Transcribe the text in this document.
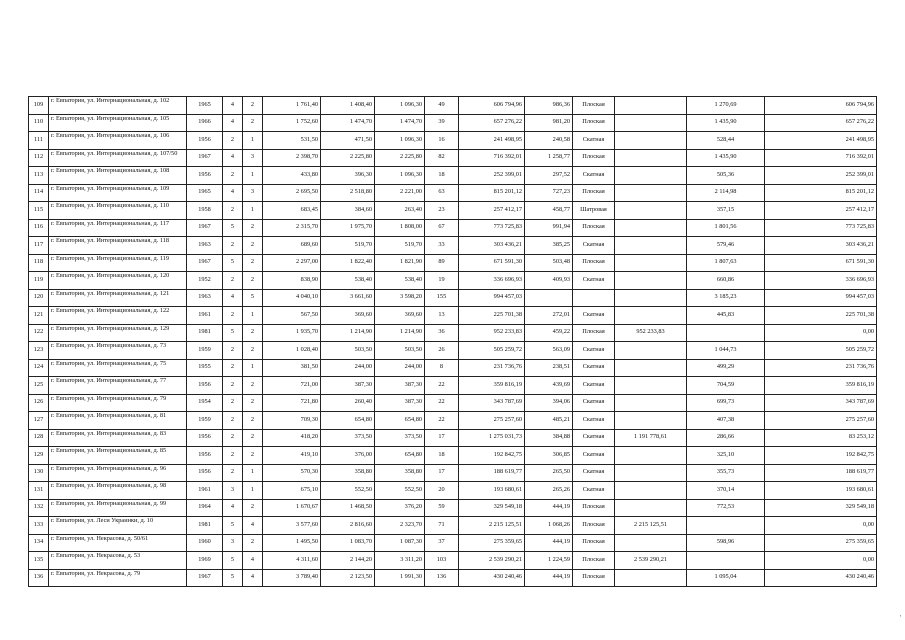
109	г. Евпатория, ул. Интернациональная, д. 102	1965	4	2	1 761,40	1 408,40	1 096,30	49	606 794,96	986,36	Плоская		1 270,69	606 794,96
110	г. Евпатория, ул. Интернациональная, д. 105	1966	4	2	1 752,60	1 474,70	1 474,70	39	657 276,22	981,20	Плоская		1 435,90	657 276,22
111	г. Евпатория, ул. Интернациональная, д. 106	1956	2	1	531,50	471,50	1 096,30	16	241 498,95	240,58	Скатная		528,44	241 498,95
112	г. Евпатория, ул. Интернациональная, д. 107/50	1967	4	3	2 398,70	2 225,80	2 225,80	82	716 392,01	1 258,77	Плоская		1 435,90	716 392,01
113	г. Евпатория, ул. Интернациональная, д. 108	1956	2	1	433,80	396,30	1 096,30	18	252 399,01	297,52	Скатная		505,36	252 399,01
114	г. Евпатория, ул. Интернациональная, д. 109	1965	4	3	2 695,50	2 518,80	2 221,00	63	815 201,12	727,23	Плоская		2 114,98	815 201,12
115	г. Евпатория, ул. Интернациональная, д. 110	1958	2	1	683,45	384,60	263,40	23	257 412,17	458,77	Шатровая		357,15	257 412,17
116	г. Евпатория, ул. Интернациональная, д. 117	1967	5	2	2 315,70	1 975,70	1 808,00	67	773 725,83	991,94	Плоская		1 801,56	773 725,83
117	г. Евпатория, ул. Интернациональная, д. 118	1963	2	2	689,60	519,70	519,70	33	303 436,21	385,25	Скатная		579,46	303 436,21
118	г. Евпатория, ул. Интернациональная, д. 119	1967	5	2	2 297,00	1 822,40	1 821,90	89	671 591,30	503,48	Плоская		1 807,63	671 591,30
119	г. Евпатория, ул. Интернациональная, д. 120	1952	2	2	838,90	538,40	538,40	19	336 696,93	409,93	Скатная		660,86	336 696,93
120	г. Евпатория, ул. Интернациональная, д. 121	1963	4	5	4 040,10	3 661,60	3 598,20	155	994 457,03				3 185,23	994 457,03
121	г. Евпатория, ул. Интернациональная, д. 122	1961	2	1	567,50	369,60	369,60	13	225 701,38	272,01	Скатная		445,83	225 701,38
122	г. Евпатория, ул. Интернациональная, д. 129	1981	5	2	1 935,70	1 214,90	1 214,90	36	952 233,83	459,22	Плоская	952 233,83		0,00
123	г. Евпатория, ул. Интернациональная, д. 73	1959	2	2	1 028,40	503,50	503,50	26	505 259,72	563,09	Скатная		1 044,73	505 259,72
124	г. Евпатория, ул. Интернациональная, д. 75	1955	2	1	381,50	244,00	244,00	8	231 736,76	238,51	Скатная		499,29	231 736,76
125	г. Евпатория, ул. Интернациональная, д. 77	1956	2	2	721,00	387,30	387,30	22	359 816,19	439,69	Скатная		704,59	359 816,19
126	г. Евпатория, ул. Интернациональная, д. 79	1954	2	2	721,80	260,40	387,30	22	343 787,69	394,06	Скатная		699,73	343 787,69
127	г. Евпатория, ул. Интернациональная, д. 81	1959	2	2	709,30	654,80	654,80	22	275 257,60	485,21	Скатная		407,38	275 257,60
128	г. Евпатория, ул. Интернациональная, д. 83	1956	2	2	418,20	373,50	373,50	17	1 275 031,73	384,88	Скатная	1 191 778,61	286,66	83 253,12
129	г. Евпатория, ул. Интернациональная, д. 85	1956	2	2	419,10	376,00	654,80	18	192 842,75	306,85	Скатная		325,10	192 842,75
130	г. Евпатория, ул. Интернациональная, д. 96	1956	2	1	570,30	358,80	358,80	17	188 619,77	265,50	Скатная		355,73	188 619,77
131	г. Евпатория, ул. Интернациональная, д. 98	1961	3	1	675,10	552,50	552,50	20	193 680,61	265,26	Скатная		370,14	193 680,61
132	г. Евпатория, ул. Интернациональная, д. 99	1964	4	2	1 670,67	1 468,50	376,20	59	329 549,18	444,19	Плоская		772,53	329 549,18
133	г. Евпатория, ул. Леси Украинки, д. 10	1981	5	4	3 577,60	2 816,60	2 323,70	71	2 215 125,51	1 068,26	Плоская	2 215 125,51		0,00
134	г. Евпатория, ул. Некрасова, д. 50/61	1960	3	2	1 495,50	1 083,70	1 087,30	37	275 359,65	444,19	Плоская		598,96	275 359,65
135	г. Евпатория, ул. Некрасова, д. 53	1969	5	4	4 311,60	2 144,20	3 311,20	103	2 539 290,21	1 224,59	Плоская	2 539 290,21		0,00
136	г. Евпатория, ул. Некрасова, д. 79	1967	5	4	3 789,40	2 123,50	1 991,30	136	430 240,46	444,19	Плоская		1 095,04	430 240,46
'
